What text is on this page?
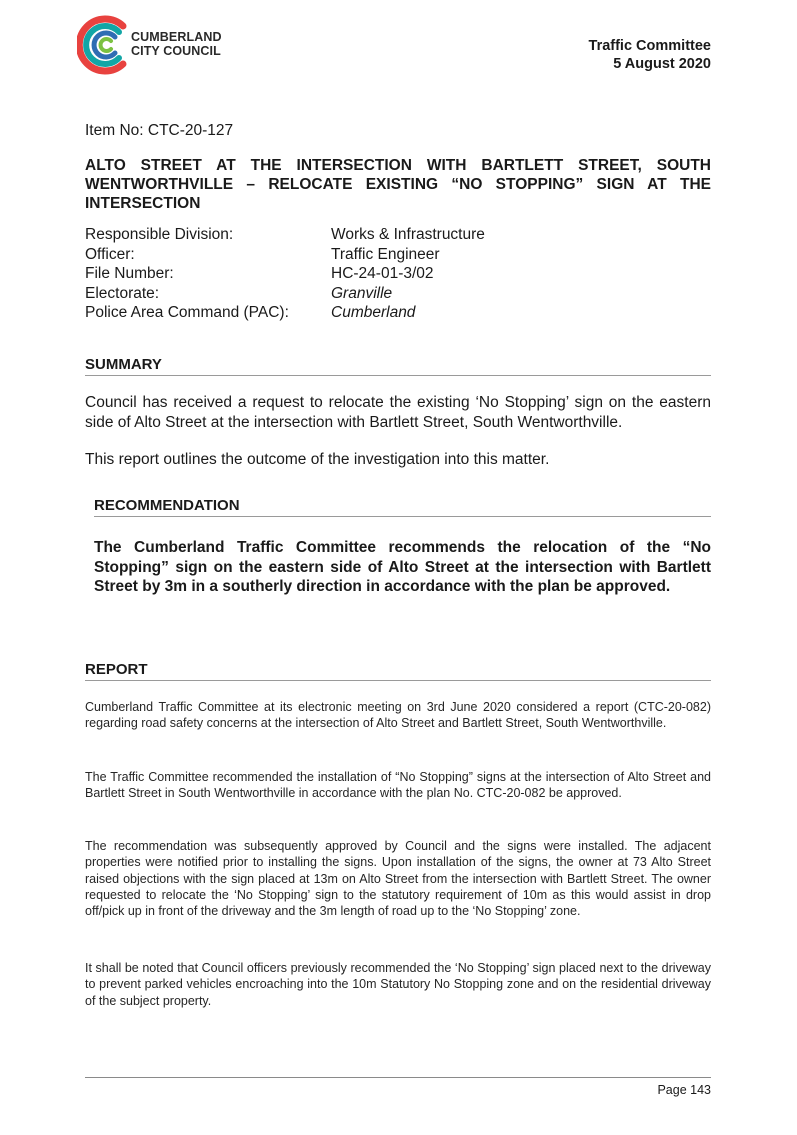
CUMBERLAND
CITY COUNCIL	Traffic Committee
5 August 2020
Item No: CTC-20-127
ALTO STREET AT THE INTERSECTION WITH BARTLETT STREET, SOUTH WENTWORTHVILLE – RELOCATE EXISTING “NO STOPPING” SIGN AT THE INTERSECTION
Responsible Division:	Works & Infrastructure
Officer:	Traffic Engineer
File Number:	HC-24-01-3/02
Electorate:	Granville
Police Area Command (PAC):	Cumberland
SUMMARY
Council has received a request to relocate the existing ‘No Stopping’ sign on the eastern side of Alto Street at the intersection with Bartlett Street, South Wentworthville.
This report outlines the outcome of the investigation into this matter.
RECOMMENDATION
The Cumberland Traffic Committee recommends the relocation of the “No Stopping” sign on the eastern side of Alto Street at the intersection with Bartlett Street by 3m in a southerly direction in accordance with the plan be approved.
REPORT
Cumberland Traffic Committee at its electronic meeting on 3rd June 2020 considered a report (CTC-20-082) regarding road safety concerns at the intersection of Alto Street and Bartlett Street, South Wentworthville.
The Traffic Committee recommended the installation of “No Stopping” signs at the intersection of Alto Street and Bartlett Street in South Wentworthville in accordance with the plan No. CTC-20-082 be approved.
The recommendation was subsequently approved by Council and the signs were installed. The adjacent properties were notified prior to installing the signs. Upon installation of the signs, the owner at 73 Alto Street raised objections with the sign placed at 13m on Alto Street from the intersection with Bartlett Street. The owner requested to relocate the ‘No Stopping’ sign to the statutory requirement of 10m as this would assist in drop off/pick up in front of the driveway and the 3m length of road up to the ‘No Stopping’ zone.
It shall be noted that Council officers previously recommended the ‘No Stopping’ sign placed next to the driveway to prevent parked vehicles encroaching into the 10m Statutory No Stopping zone and on the residential driveway of the subject property.
Page 143
